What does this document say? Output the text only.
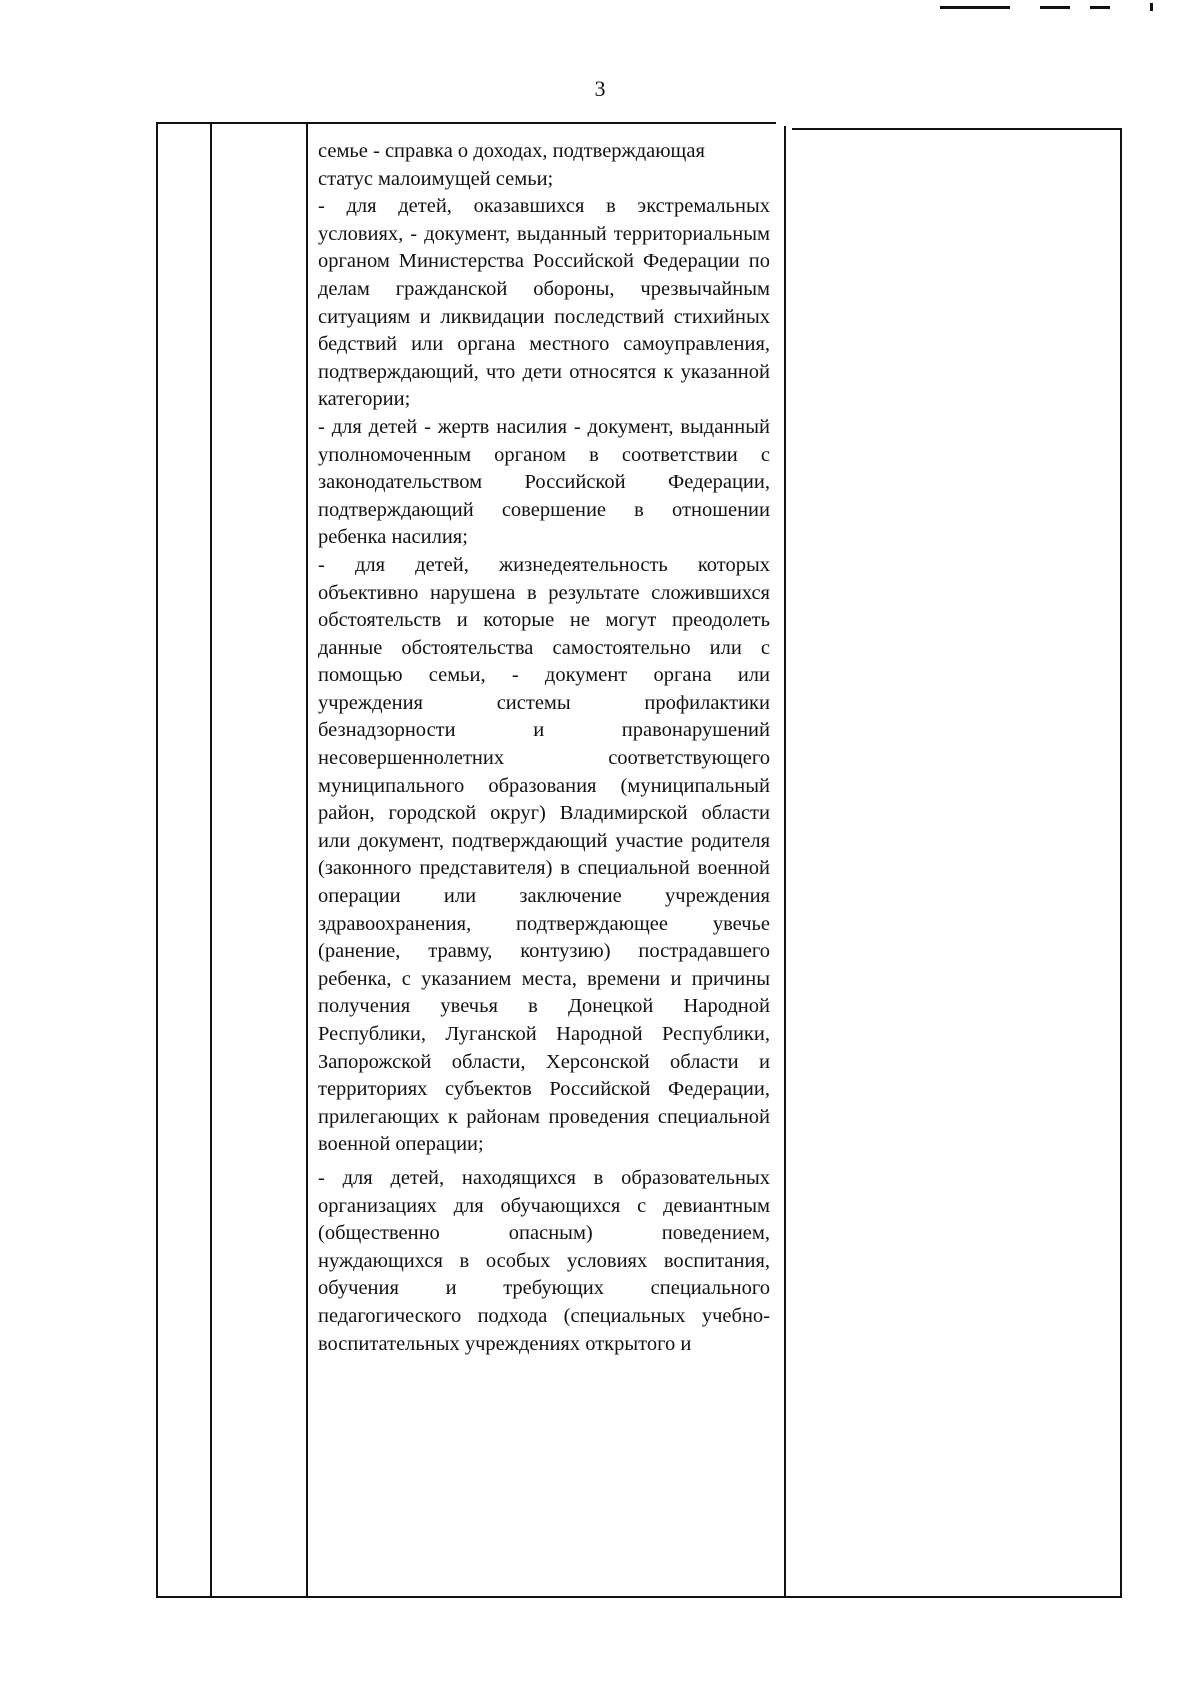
3

семье - справка о доходах, подтверждающая статус малоимущей семьи;

- для детей, оказавшихся в экстремальных условиях, - документ, выданный территориальным органом Министерства Российской Федерации по делам гражданской обороны, чрезвычайным ситуациям и ликвидации последствий стихийных бедствий или органа местного самоуправления, подтверждающий, что дети относятся к указанной категории;

- для детей - жертв насилия - документ, выданный уполномоченным органом в соответствии с законодательством Российской Федерации, подтверждающий совершение в отношении ребенка насилия;

- для детей, жизнедеятельность которых объективно нарушена в результате сложившихся обстоятельств и которые не могут преодолеть данные обстоятельства самостоятельно или с помощью семьи, - документ органа или учреждения системы профилактики безнадзорности и правонарушений несовершеннолетних соответствующего муниципального образования (муниципальный район, городской округ) Владимирской области или документ, подтверждающий участие родителя (законного представителя) в специальной военной операции или заключение учреждения здравоохранения, подтверждающее увечье (ранение, травму, контузию) пострадавшего ребенка, с указанием места, времени и причины получения увечья в Донецкой Народной Республики, Луганской Народной Республики, Запорожской области, Херсонской области и территориях субъектов Российской Федерации, прилегающих к районам проведения специальной военной операции;

- для детей, находящихся в образовательных организациях для обучающихся с девиантным (общественно опасным) поведением, нуждающихся в особых условиях воспитания, обучения и требующих специального педагогического подхода (специальных учебно-воспитательных учреждениях открытого и
